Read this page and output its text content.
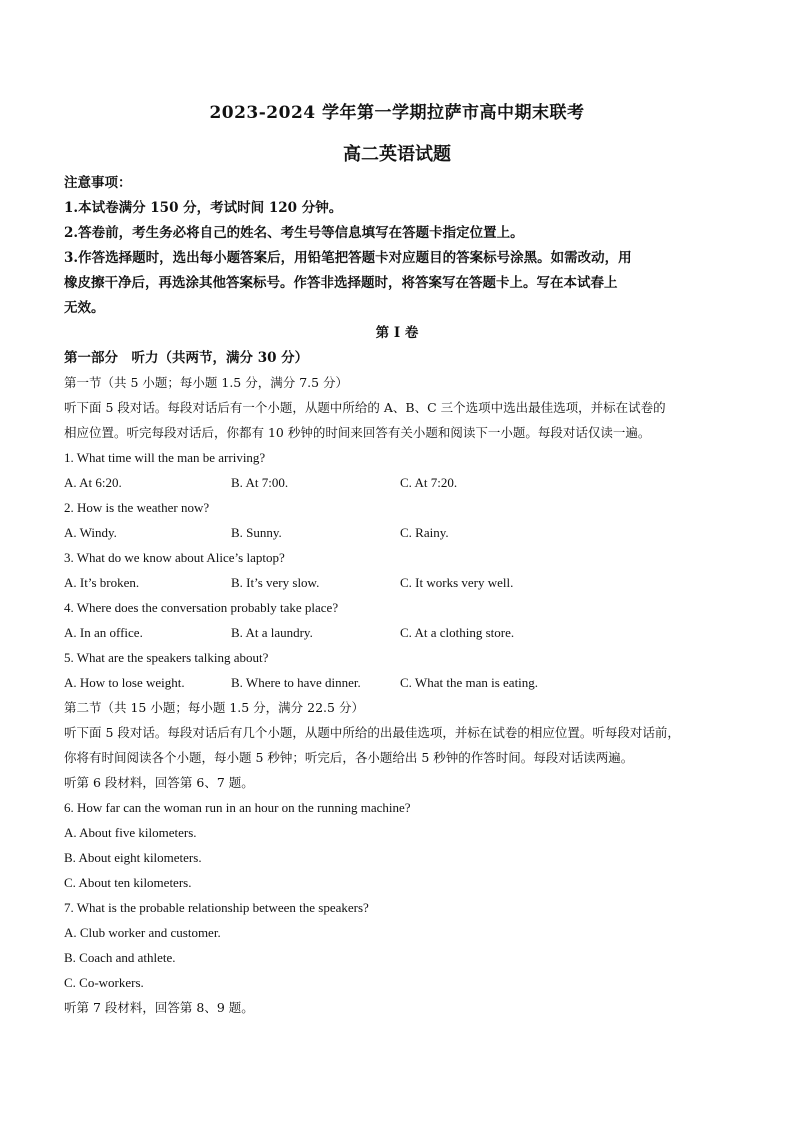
2023-2024 学年第一学期拉萨市高中期末联考
高二英语试题
注意事项：
1.本试卷满分 150 分，考试时间 120 分钟。
2.答卷前，考生务必将自己的姓名、考生号等信息填写在答题卡指定位置上。
3.作答选择题时，选出每小题答案后，用铅笔把答题卡对应题目的答案标号涂黑。如需改动，用
橡皮擦干净后，再选涂其他答案标号。作答非选择题时，将答案写在答题卡上。写在本试春上
无效。
第 I 卷
第一部分　听力（共两节，满分 30 分）
第一节（共 5 小题；每小题 1.5 分，满分 7.5 分）
听下面 5 段对话。每段对话后有一个小题，从题中所给的 A、B、C 三个选项中选出最佳选项，并标在试卷的
相应位置。听完每段对话后，你都有 10 秒钟的时间来回答有关小题和阅读下一小题。每段对话仅读一遍。
1. What time will the man be arriving?
A. At 6:20.	B. At 7:00.	C. At 7:20.
2. How is the weather now?
A. Windy.	B. Sunny.	C. Rainy.
3. What do we know about Alice’s laptop?
A. It’s broken.	B. It’s very slow.	C. It works very well.
4. Where does the conversation probably take place?
A. In an office.	B. At a laundry.	C. At a clothing store.
5. What are the speakers talking about?
A. How to lose weight.	B. Where to have dinner.	C. What the man is eating.
第二节（共 15 小题；每小题 1.5 分，满分 22.5 分）
听下面 5 段对话。每段对话后有几个小题，从题中所给的出最佳选项，并标在试卷的相应位置。听每段对话前，
你将有时间阅读各个小题，每小题 5 秒钟；听完后，各小题给出 5 秒钟的作答时间。每段对话读两遍。
听第 6 段材料，回答第 6、7 题。
6. How far can the woman run in an hour on the running machine?
A. About five kilometers.
B. About eight kilometers.
C. About ten kilometers.
7. What is the probable relationship between the speakers?
A. Club worker and customer.
B. Coach and athlete.
C. Co-workers.
听第 7 段材料，回答第 8、9 题。
